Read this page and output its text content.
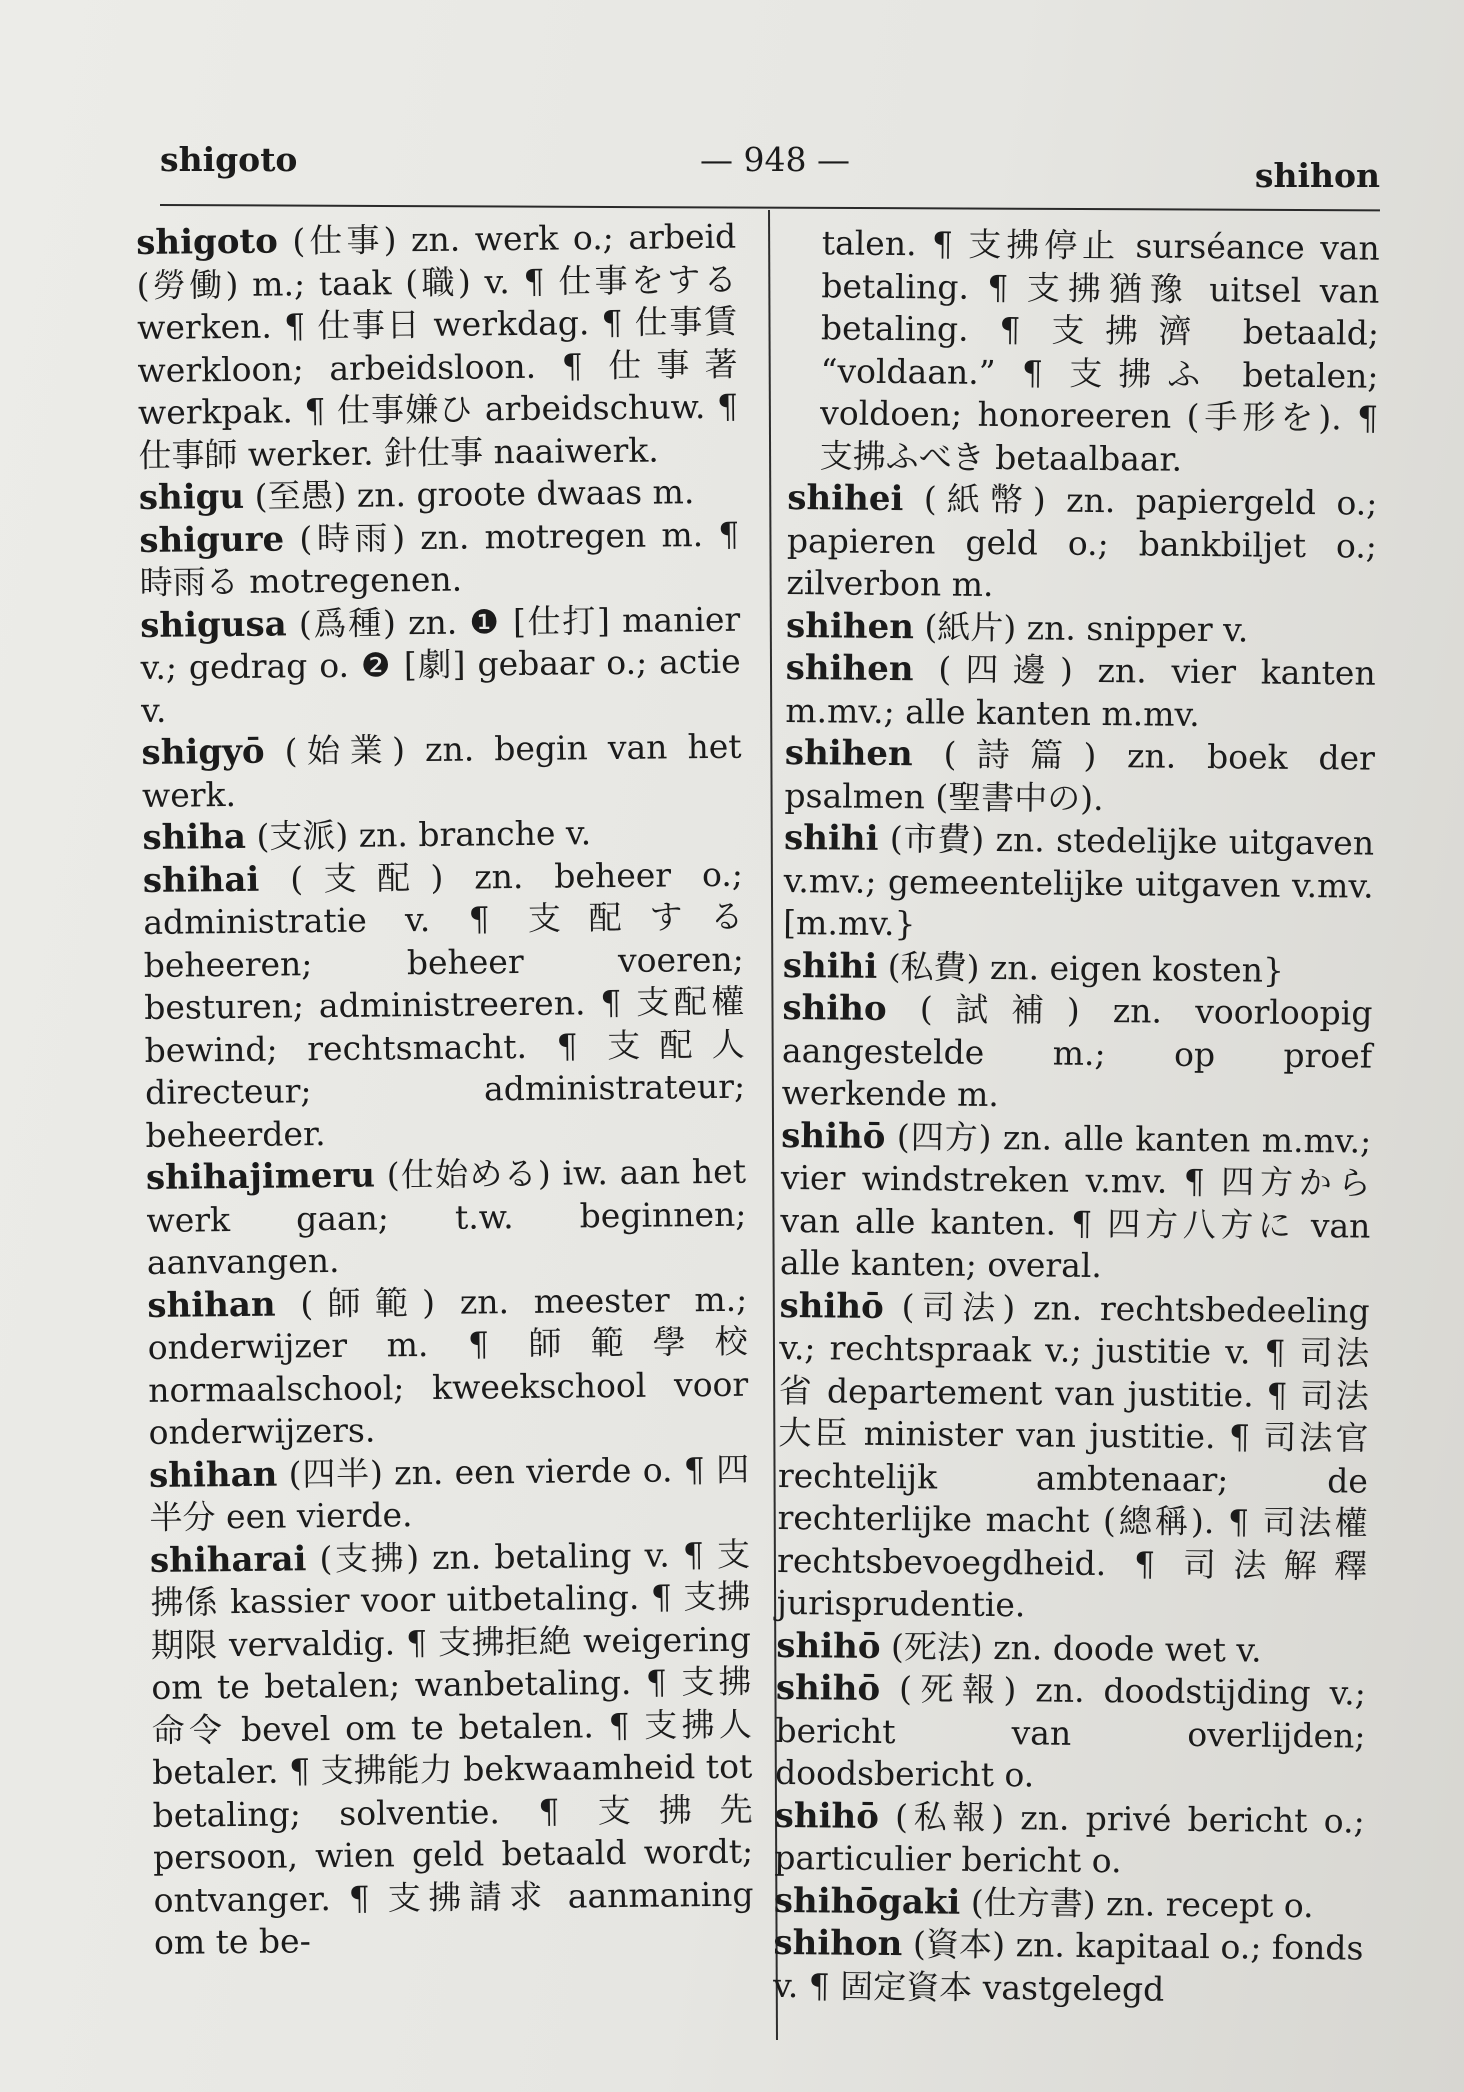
shigoto	— 948 —	shihon

shigoto (仕事) zn. werk o.; arbeid (勞働) m.; taak (職) v. ¶ 仕事をする werken. ¶ 仕事日 werkdag. ¶ 仕事賃 werkloon; arbeidsloon. ¶ 仕事著 werkpak. ¶ 仕事嫌ひ arbeidschuw. ¶ 仕事師 werker. 針仕事 naaiwerk.

shigu (至愚) zn. groote dwaas m.

shigure (時雨) zn. motregen m. ¶ 時雨る motregenen.

shigusa (爲種) zn. ❶ [仕打] manier v.; gedrag o. ❷ [劇] gebaar o.; actie v.

shigyō (始業) zn. begin van het werk.

shiha (支派) zn. branche v.

shihai (支配) zn. beheer o.; administratie v. ¶ 支配する beheeren; beheer voeren; besturen; administreeren. ¶ 支配權 bewind; rechtsmacht. ¶ 支配人 directeur; administrateur; beheerder.

shihajimeru (仕始める) iw. aan het werk gaan; t.w. beginnen; aanvangen.

shihan (師範) zn. meester m.; onderwijzer m. ¶ 師範學校 normaalschool; kweekschool voor onderwijzers.

shihan (四半) zn. een vierde o. ¶ 四半分 een vierde.

shiharai (支拂) zn. betaling v. ¶ 支拂係 kassier voor uitbetaling. ¶ 支拂期限 vervaldig. ¶ 支拂拒絶 weigering om te betalen; wanbetaling. ¶ 支拂命令 bevel om te betalen. ¶ 支拂人 betaler. ¶ 支拂能力 bekwaamheid tot betaling; solventie. ¶ 支拂先 persoon, wien geld betaald wordt; ontvanger. ¶ 支拂請求 aanmaning om te be-

talen. ¶ 支拂停止 surséance van betaling. ¶ 支拂猶豫 uitsel van betaling. ¶ 支拂濟 betaald; “voldaan.” ¶ 支拂ふ betalen; voldoen; honoreeren (手形を). ¶ 支拂ふべき betaalbaar.

shihei (紙幣) zn. papiergeld o.; papieren geld o.; bankbiljet o.; zilverbon m.

shihen (紙片) zn. snipper v.

shihen (四邊) zn. vier kanten m.mv.; alle kanten m.mv.

shihen (詩篇) zn. boek der psalmen (聖書中の).

shihi (市費) zn. stedelijke uitgaven v.mv.; gemeentelijke uitgaven v.mv. [m.mv.}

shihi (私費) zn. eigen kosten}

shiho (試補) zn. voorloopig aangestelde m.; op proef werkende m.

shihō (四方) zn. alle kanten m.mv.; vier windstreken v.mv. ¶ 四方から van alle kanten. ¶ 四方八方に van alle kanten; overal.

shihō (司法) zn. rechtsbedeeling v.; rechtspraak v.; justitie v. ¶ 司法省 departement van justitie. ¶ 司法大臣 minister van justitie. ¶ 司法官 rechtelijk ambtenaar; de rechterlijke macht (總稱). ¶ 司法權 rechtsbevoegdheid. ¶ 司法解釋 jurisprudentie.

shihō (死法) zn. doode wet v.

shihō (死報) zn. doodstijding v.; bericht van overlijden; doodsbericht o.

shihō (私報) zn. privé bericht o.; particulier bericht o.

shihōgaki (仕方書) zn. recept o.

shihon (資本) zn. kapitaal o.; fonds v. ¶ 固定資本 vastgelegd
